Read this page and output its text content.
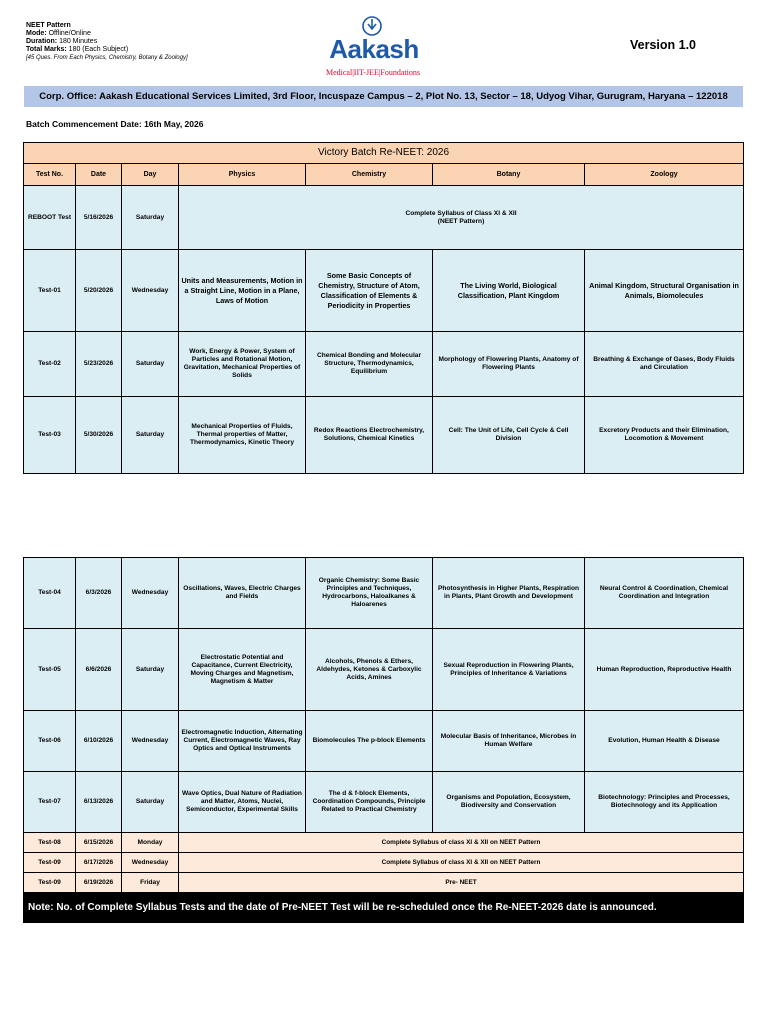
NEET Pattern
Mode: Offline/Online
Duration: 180 Minutes
Total Marks: 180 (Each Subject)
[45 Ques. From Each Physics, Chemistry, Botany & Zoology]	Aakash
Medical|IIT-JEE|Foundations
Version 1.0
Corp. Office: Aakash Educational Services Limited, 3rd Floor, Incuspaze Campus – 2, Plot No. 13, Sector – 18, Udyog Vihar, Gurugram, Haryana – 122018
Batch Commencement Date: 16th May, 2026
Victory Batch Re-NEET: 2026						
Test No.	Date	Day	Physics	Chemistry	Botany	Zoology
REBOOT Test	5/16/2026	Saturday	Complete Syllabus of Class XI & XII
(NEET Pattern)			

Test-01	5/20/2026	Wednesday	Units and Measurements, Motion in a Straight Line, Motion in a Plane, Laws of Motion	Some Basic Concepts of Chemistry, Structure of Atom, Classification of Elements & Periodicity in Properties	The Living World, Biological Classification, Plant Kingdom	Animal Kingdom, Structural Organisation in Animals, Biomolecules
Test-02	5/23/2026	Saturday	Work, Energy & Power, System of Particles and Rotational Motion, Gravitation, Mechanical Properties of Solids	Chemical Bonding and Molecular Structure, Thermodynamics, Equilibrium	Morphology of Flowering Plants, Anatomy of Flowering Plants	Breathing & Exchange of Gases, Body Fluids and Circulation
Test-03	5/30/2026	Saturday	Mechanical Properties of Fluids, Thermal properties of Matter, Thermodynamics, Kinetic Theory	Redox Reactions Electrochemistry, Solutions, Chemical Kinetics	Cell: The Unit of Life, Cell Cycle & Cell Division	Excretory Products and their Elimination, Locomotion & Movement
Test-04	6/3/2026	Wednesday	Oscillations, Waves, Electric Charges and Fields	Organic Chemistry: Some Basic Principles and Techniques, Hydrocarbons, Haloalkanes & Haloarenes	Photosynthesis in Higher Plants, Respiration in Plants, Plant Growth and Development	Neural Control & Coordination, Chemical Coordination and Integration
Test-05	6/6/2026	Saturday	Electrostatic Potential and Capacitance, Current Electricity, Moving Charges and Magnetism, Magnetism & Matter	Alcohols, Phenols & Ethers, Aldehydes, Ketones & Carboxylic Acids, Amines	Sexual Reproduction in Flowering Plants, Principles of Inheritance & Variations	Human Reproduction, Reproductive Health
Test-06	6/10/2026	Wednesday	Electromagnetic Induction, Alternating Current, Electromagnetic Waves, Ray Optics and Optical Instruments	Biomolecules The p-block Elements	Molecular Basis of Inheritance, Microbes in Human Welfare	Evolution, Human Health & Disease
Test-07	6/13/2026	Saturday	Wave Optics, Dual Nature of Radiation and Matter, Atoms, Nuclei, Semiconductor, Experimental Skills	The d & f-block Elements, Coordination Compounds, Principle Related to Practical Chemistry	Organisms and Population, Ecosystem, Biodiversity and Conservation	Biotechnology: Principles and Processes, Biotechnology and its Application
Test-08	6/15/2026	Monday	Complete Syllabus of class XI & XII on NEET Pattern			
Test-09	6/17/2026	Wednesday	Complete Syllabus of class XI & XII on NEET Pattern			
Test-09	6/19/2026	Friday	Pre- NEET			
Note: No. of Complete Syllabus Tests and the date of Pre-NEET Test will be re-scheduled once the Re-NEET-2026 date is announced.						
